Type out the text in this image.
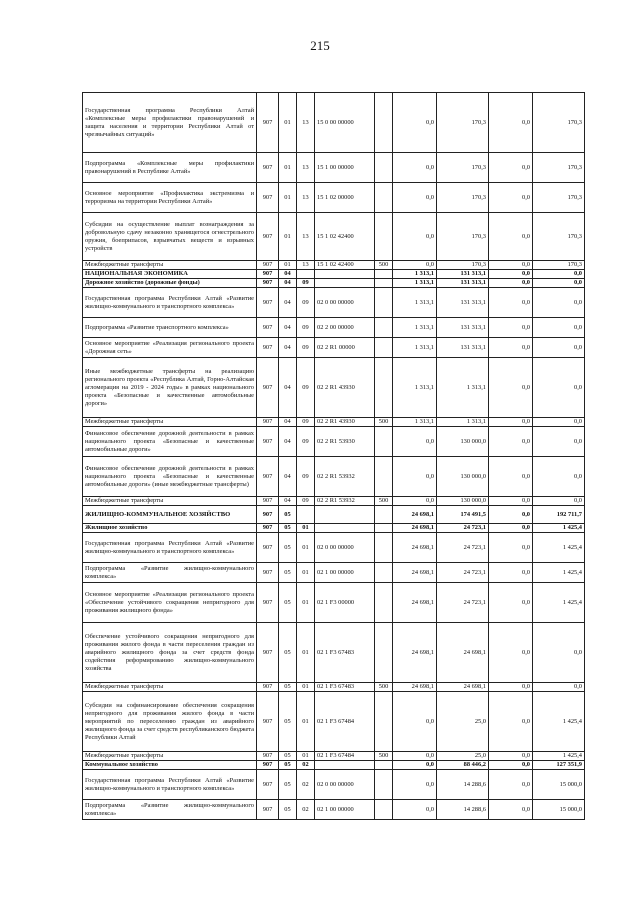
215
Государственная программа Республики Алтай «Комплексные меры профилактики правонарушений и защита населения и территории Республики Алтай от чрезвычайных ситуаций»	907	01	13	15 0 00 00000		0,0	170,3	0,0	170,3
Подпрограмма «Комплексные меры профилактики правонарушений в Республике Алтай»	907	01	13	15 1 00 00000		0,0	170,3	0,0	170,3
Основное мероприятие «Профилактика экстремизма и терроризма на территории Республики Алтай»	907	01	13	15 1 02 00000		0,0	170,3	0,0	170,3
Субсидии на осуществление выплат вознаграждения за добровольную сдачу незаконно хранящегося огнестрельного оружия, боеприпасов, взрывчатых веществ и взрывных устройств	907	01	13	15 1 02 42400		0,0	170,3	0,0	170,3
Межбюджетные трансферты	907	01	13	15 1 02 42400	500	0,0	170,3	0,0	170,3
НАЦИОНАЛЬНАЯ ЭКОНОМИКА	907	04				1 313,1	131 313,1	0,0	0,0
Дорожное хозяйство (дорожные фонды)	907	04	09			1 313,1	131 313,1	0,0	0,0
Государственная программа Республики Алтай «Развитие жилищно-коммунального и транспортного комплекса»	907	04	09	02 0 00 00000		1 313,1	131 313,1	0,0	0,0
Подпрограмма «Развитие транспортного комплекса»	907	04	09	02 2 00 00000		1 313,1	131 313,1	0,0	0,0
Основное мероприятие «Реализация регионального проекта «Дорожная сеть»	907	04	09	02 2 R1 00000		1 313,1	131 313,1	0,0	0,0
Иные межбюджетные трансферты на реализацию регионального проекта «Республика Алтай, Горно-Алтайская агломерация на 2019 - 2024 годы» в рамках национального проекта «Безопасные и качественные автомобильные дороги»	907	04	09	02 2 R1 43930		1 313,1	1 313,1	0,0	0,0
Межбюджетные трансферты	907	04	09	02 2 R1 43930	500	1 313,1	1 313,1	0,0	0,0
Финансовое обеспечение дорожной деятельности в рамках национального проекта «Безопасные и качественные автомобильные дороги»	907	04	09	02 2 R1 53930		0,0	130 000,0	0,0	0,0
Финансовое обеспечение дорожной деятельности в рамках национального проекта «Безопасные и качественные автомобильные дороги» (иные межбюджетные трансферты)	907	04	09	02 2 R1 53932		0,0	130 000,0	0,0	0,0
Межбюджетные трансферты	907	04	09	02 2 R1 53932	500	0,0	130 000,0	0,0	0,0
ЖИЛИЩНО-КОММУНАЛЬНОЕ ХОЗЯЙСТВО	907	05				24 698,1	174 491,5	0,0	192 711,7
Жилищное хозяйство	907	05	01			24 698,1	24 723,1	0,0	1 425,4
Государственная программа Республики Алтай «Развитие жилищно-коммунального и транспортного комплекса»	907	05	01	02 0 00 00000		24 698,1	24 723,1	0,0	1 425,4
Подпрограмма «Развитие жилищно-коммунального комплекса»	907	05	01	02 1 00 00000		24 698,1	24 723,1	0,0	1 425,4
Основное мероприятие «Реализация регионального проекта «Обеспечение устойчивого сокращения непригодного для проживания жилищного фонда»	907	05	01	02 1 F3 00000		24 698,1	24 723,1	0,0	1 425,4
Обеспечение устойчивого сокращения непригодного для проживания жилого фонда в части переселения граждан из аварийного жилищного фонда за счет средств фонда содействия реформированию жилищно-коммунального хозяйства	907	05	01	02 1 F3 67483		24 698,1	24 698,1	0,0	0,0
Межбюджетные трансферты	907	05	01	02 1 F3 67483	500	24 698,1	24 698,1	0,0	0,0
Субсидии на софинансирование обеспечения сокращения непригодного для проживания жилого фонда в части мероприятий по переселению граждан из аварийного жилищного фонда за счет средств республиканского бюджета Республики Алтай	907	05	01	02 1 F3 67484		0,0	25,0	0,0	1 425,4
Межбюджетные трансферты	907	05	01	02 1 F3 67484	500	0,0	25,0	0,0	1 425,4
Коммунальное хозяйство	907	05	02			0,0	88 446,2	0,0	127 351,9
Государственная программа Республики Алтай «Развитие жилищно-коммунального и транспортного комплекса»	907	05	02	02 0 00 00000		0,0	14 288,6	0,0	15 000,0
Подпрограмма «Развитие жилищно-коммунального комплекса»	907	05	02	02 1 00 00000		0,0	14 288,6	0,0	15 000,0
